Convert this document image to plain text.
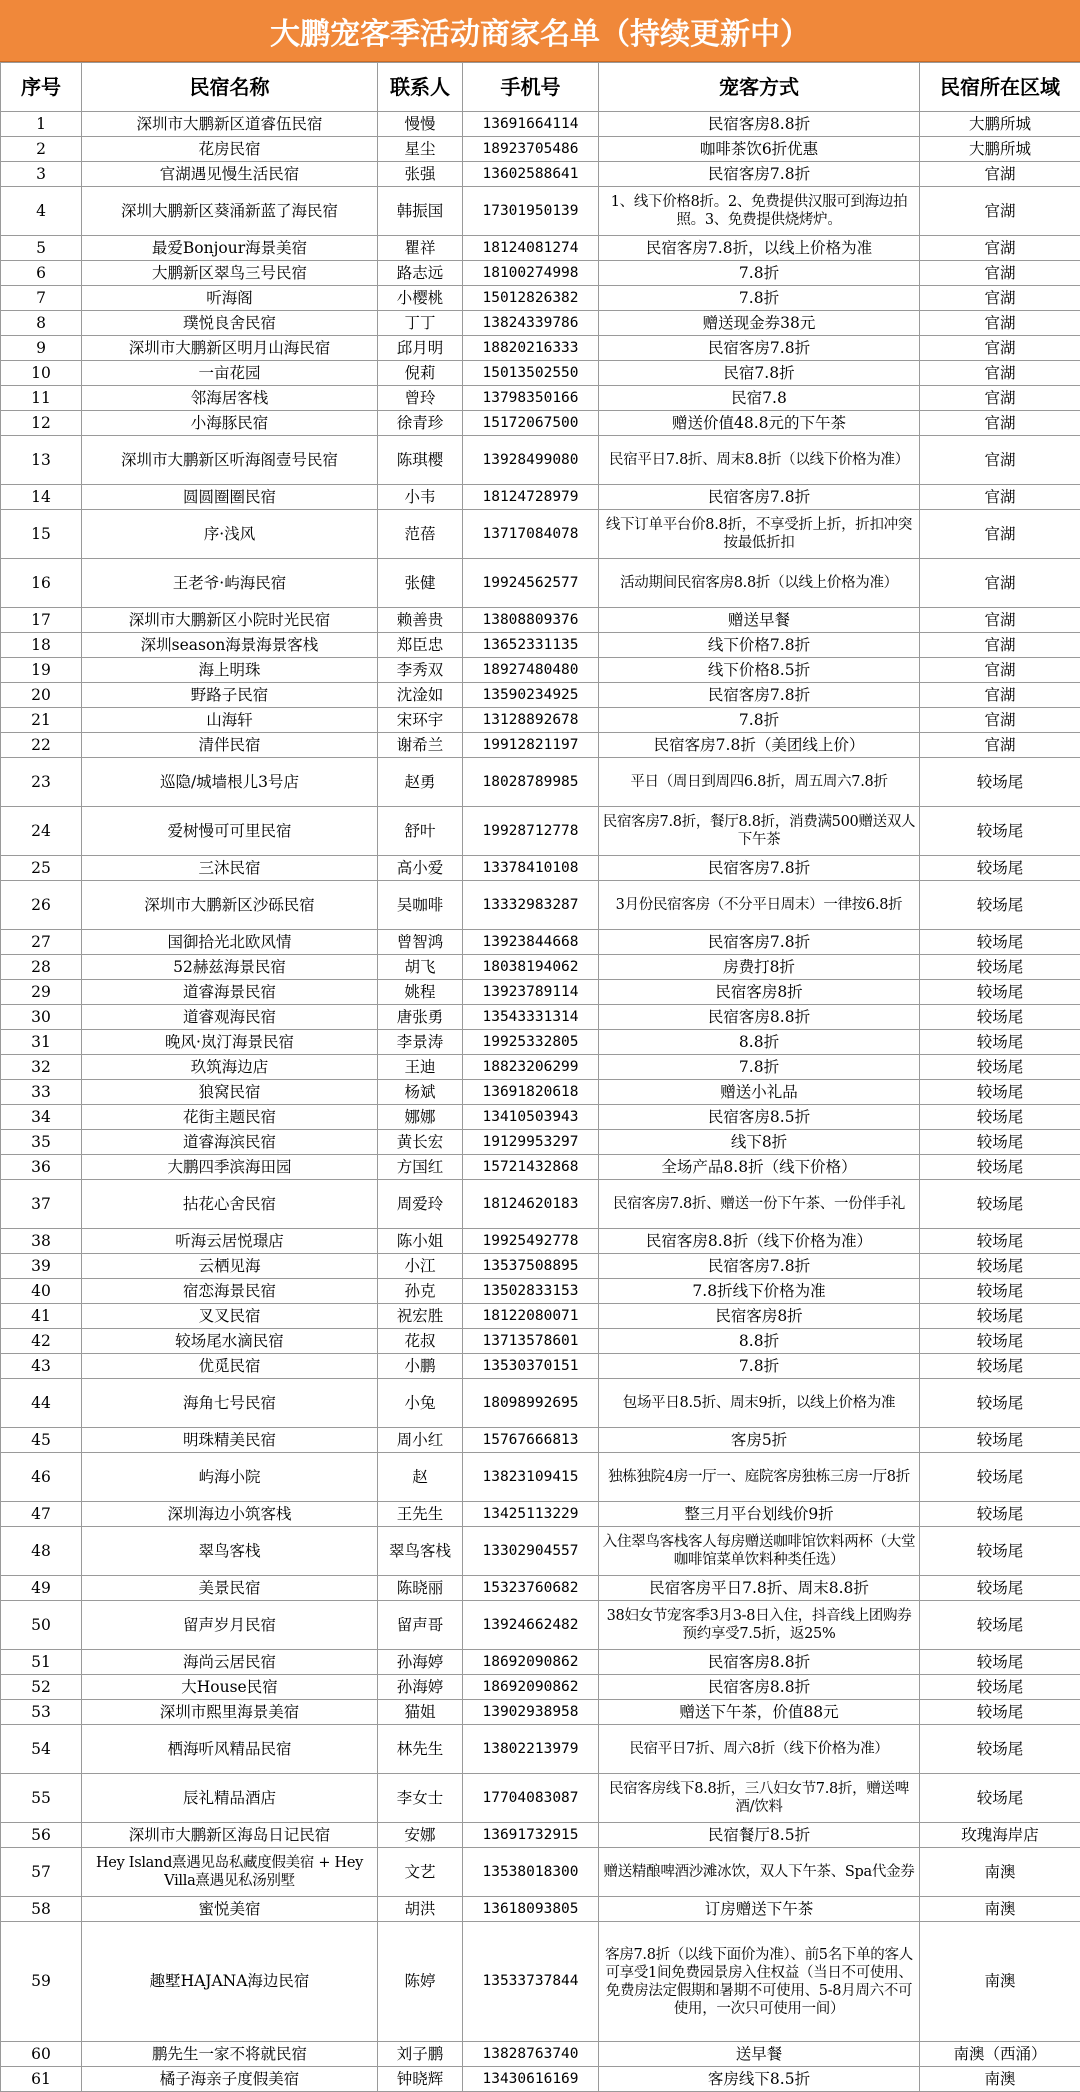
大鹏宠客季活动商家名单（持续更新中）
序号	民宿名称	联系人	手机号	宠客方式	民宿所在区域
1	深圳市大鹏新区道睿伍民宿	慢慢	13691664114	民宿客房8.8折	大鹏所城
2	花房民宿	星尘	18923705486	咖啡茶饮6折优惠	大鹏所城
3	官湖遇见慢生活民宿	张强	13602588641	民宿客房7.8折	官湖
4	深圳大鹏新区葵涌新蓝了海民宿	韩振国	17301950139	1、线下价格8折。2、免费提供汉服可到海边拍照。3、免费提供烧烤炉。	官湖
5	最爱Bonjour海景美宿	瞿祥	18124081274	民宿客房7.8折，以线上价格为准	官湖
6	大鹏新区翠鸟三号民宿	路志远	18100274998	7.8折	官湖
7	听海阁	小樱桃	15012826382	7.8折	官湖
8	璞悦良舍民宿	丁丁	13824339786	赠送现金券38元	官湖
9	深圳市大鹏新区明月山海民宿	邱月明	18820216333	民宿客房7.8折	官湖
10	一亩花园	倪莉	15013502550	民宿7.8折	官湖
11	邻海居客栈	曾玲	13798350166	民宿7.8	官湖
12	小海豚民宿	徐青珍	15172067500	赠送价值48.8元的下午茶	官湖
13	深圳市大鹏新区听海阁壹号民宿	陈琪樱	13928499080	民宿平日7.8折、周末8.8折（以线下价格为准）	官湖
14	圆圆圈圈民宿	小韦	18124728979	民宿客房7.8折	官湖
15	序·浅风	范蓓	13717084078	线下订单平台价8.8折，不享受折上折，折扣冲突按最低折扣	官湖
16	王老爷·屿海民宿	张健	19924562577	活动期间民宿客房8.8折（以线上价格为准）	官湖
17	深圳市大鹏新区小院时光民宿	赖善贵	13808809376	赠送早餐	官湖
18	深圳season海景海景客栈	郑臣忠	13652331135	线下价格7.8折	官湖
19	海上明珠	李秀双	18927480480	线下价格8.5折	官湖
20	野路子民宿	沈淦如	13590234925	民宿客房7.8折	官湖
21	山海轩	宋环宇	13128892678	7.8折	官湖
22	清伴民宿	谢希兰	19912821197	民宿客房7.8折（美团线上价）	官湖
23	巡隐/城墙根儿3号店	赵勇	18028789985	平日（周日到周四6.8折，周五周六7.8折	较场尾
24	爱树慢可可里民宿	舒叶	19928712778	民宿客房7.8折，餐厅8.8折，消费满500赠送双人下午茶	较场尾
25	三沐民宿	高小爱	13378410108	民宿客房7.8折	较场尾
26	深圳市大鹏新区沙砾民宿	吴咖啡	13332983287	3月份民宿客房（不分平日周末）一律按6.8折	较场尾
27	国御拾光北欧风情	曾智鸿	13923844668	民宿客房7.8折	较场尾
28	52赫兹海景民宿	胡飞	18038194062	房费打8折	较场尾
29	道睿海景民宿	姚程	13923789114	民宿客房8折	较场尾
30	道睿观海民宿	唐张勇	13543331314	民宿客房8.8折	较场尾
31	晚风·岚汀海景民宿	李景涛	19925332805	8.8折	较场尾
32	玖筑海边店	王迪	18823206299	7.8折	较场尾
33	狼窝民宿	杨斌	13691820618	赠送小礼品	较场尾
34	花街主题民宿	娜娜	13410503943	民宿客房8.5折	较场尾
35	道睿海滨民宿	黄长宏	19129953297	线下8折	较场尾
36	大鹏四季滨海田园	方国红	15721432868	全场产品8.8折（线下价格）	较场尾
37	拈花心舍民宿	周爱玲	18124620183	民宿客房7.8折、赠送一份下午茶、一份伴手礼	较场尾
38	听海云居悦璟店	陈小姐	19925492778	民宿客房8.8折（线下价格为准）	较场尾
39	云栖见海	小江	13537508895	民宿客房7.8折	较场尾
40	宿恋海景民宿	孙克	13502833153	7.8折线下价格为准	较场尾
41	叉叉民宿	祝宏胜	18122080071	民宿客房8折	较场尾
42	较场尾水滴民宿	花叔	13713578601	8.8折	较场尾
43	优觅民宿	小鹏	13530370151	7.8折	较场尾
44	海角七号民宿	小兔	18098992695	包场平日8.5折、周末9折，以线上价格为准	较场尾
45	明珠精美民宿	周小红	15767666813	客房5折	较场尾
46	屿海小院	赵	13823109415	独栋独院4房一厅一、庭院客房独栋三房一厅8折	较场尾
47	深圳海边小筑客栈	王先生	13425113229	整三月平台划线价9折	较场尾
48	翠鸟客栈	翠鸟客栈	13302904557	入住翠鸟客栈客人每房赠送咖啡馆饮料两杯（大堂咖啡馆菜单饮料种类任选）	较场尾
49	美景民宿	陈晓丽	15323760682	民宿客房平日7.8折、周末8.8折	较场尾
50	留声岁月民宿	留声哥	13924662482	38妇女节宠客季3月3-8日入住，抖音线上团购券预约享受7.5折，返25%	较场尾
51	海尚云居民宿	孙海婷	18692090862	民宿客房8.8折	较场尾
52	大House民宿	孙海婷	18692090862	民宿客房8.8折	较场尾
53	深圳市熙里海景美宿	猫姐	13902938958	赠送下午茶，价值88元	较场尾
54	栖海听风精品民宿	林先生	13802213979	民宿平日7折、周六8折（线下价格为准）	较场尾
55	辰礼精品酒店	李女士	17704083087	民宿客房线下8.8折，三八妇女节7.8折，赠送啤酒/饮料	较场尾
56	深圳市大鹏新区海岛日记民宿	安娜	13691732915	民宿餐厅8.5折	玫瑰海岸店
57	Hey Island熹遇见岛私藏度假美宿 + Hey Villa熹遇见私汤别墅	文艺	13538018300	赠送精酿啤酒沙滩冰饮，双人下午茶、Spa代金券	南澳
58	蜜悦美宿	胡洪	13618093805	订房赠送下午茶	南澳
59	趣墅HAJANA海边民宿	陈婷	13533737844	客房7.8折（以线下面价为准）、前5名下单的客人可享受1间免费园景房入住权益（当日不可使用、免费房法定假期和暑期不可使用、5-8月周六不可使用，一次只可使用一间）	南澳
60	鹏先生一家不将就民宿	刘子鹏	13828763740	送早餐	南澳（西涌）
61	橘子海亲子度假美宿	钟晓辉	13430616169	客房线下8.5折	南澳
